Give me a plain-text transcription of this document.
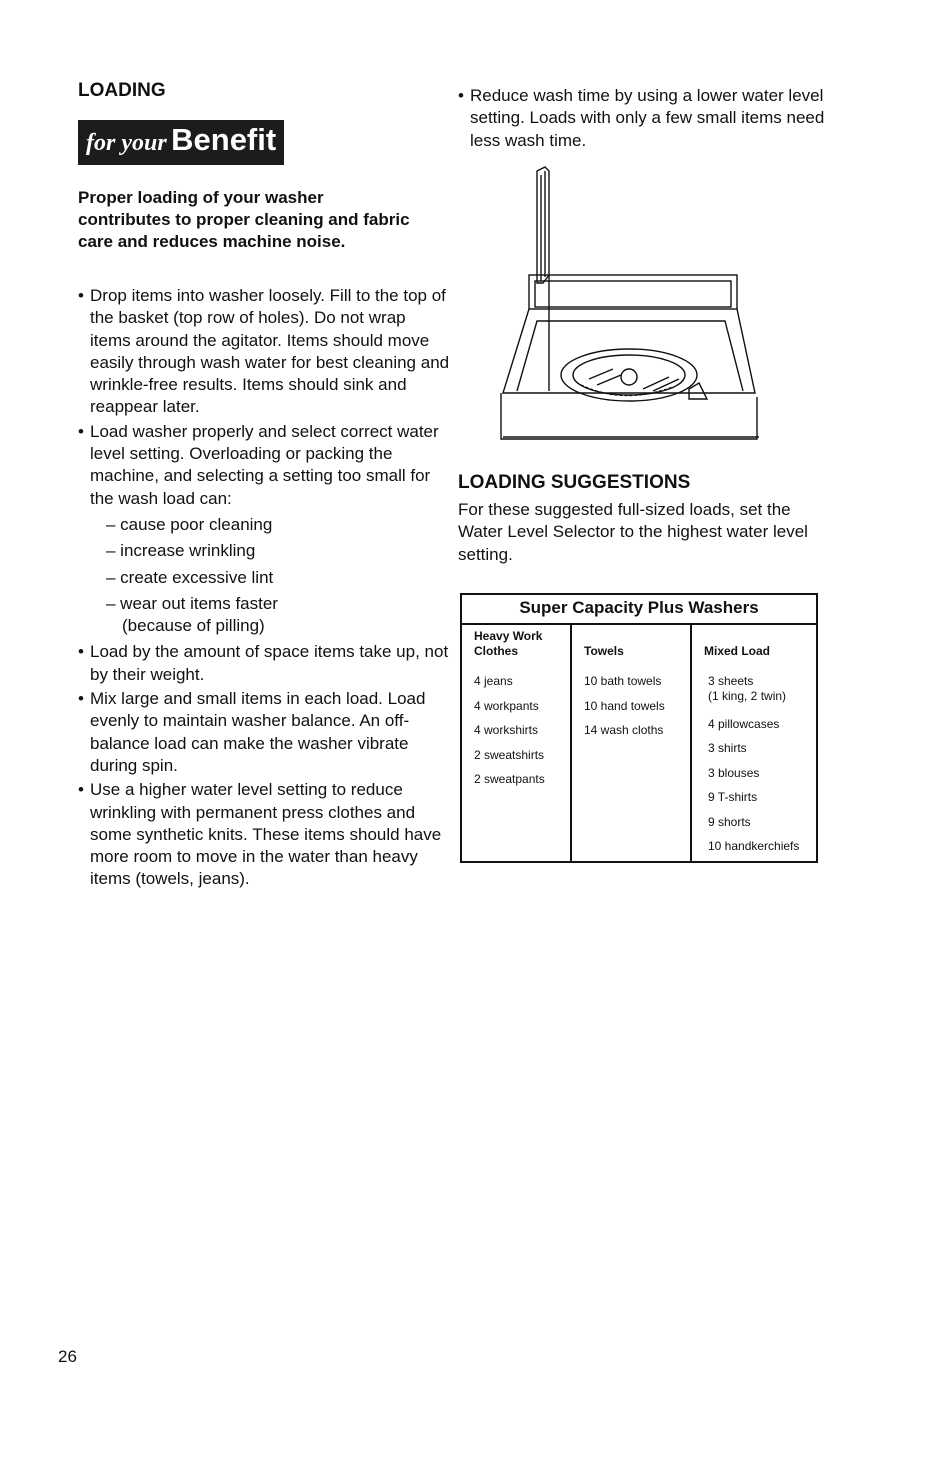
LOADING
for your Benefit
Proper loading of your washer contributes to proper cleaning and fabric care and reduces machine noise.
• Drop items into washer loosely. Fill to the top of the basket (top row of holes). Do not wrap items around the agitator. Items should move easily through wash water for best cleaning and wrinkle-free results. Items should sink and reappear later.
• Load washer properly and select correct water level setting. Overloading or packing the machine, and selecting a setting too small for the wash load can:
– cause poor cleaning
– increase wrinkling
– create excessive lint
– wear out items faster
(because of pilling)
• Load by the amount of space items take up, not by their weight.
• Mix large and small items in each load. Load evenly to maintain washer balance. An off-balance load can make the washer vibrate during spin.
• Use a higher water level setting to reduce wrinkling with permanent press clothes and some synthetic knits. These items should have more room to move in the water than heavy items (towels, jeans).
• Reduce wash time by using a lower water level setting. Loads with only a few small items need less wash time.
LOADING SUGGESTIONS
For these suggested full-sized loads, set the Water Level Selector to the highest water level setting.
Super Capacity Plus Washers
Heavy Work Clothes
4 jeans
4 workpants
4 workshirts
2 sweatshirts
2 sweatpants
Towels
10 bath towels
10 hand towels
14 wash cloths
Mixed Load
3 sheets
(1 king, 2 twin)
4 pillowcases
3 shirts
3 blouses
9 T-shirts
9 shorts
10 handkerchiefs
26
